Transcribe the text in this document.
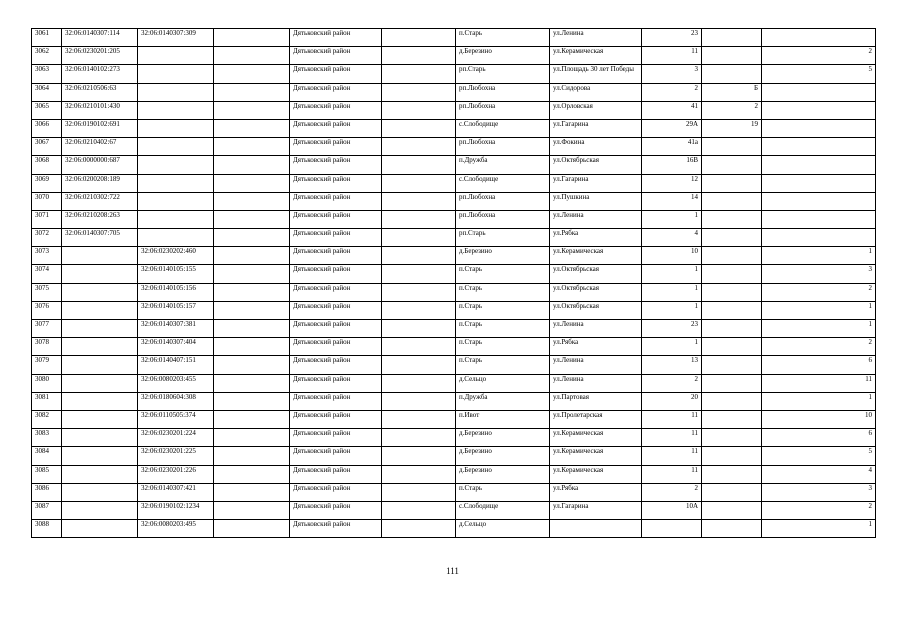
3061	32:06:0140307:114	32:06:0140307:309		Дятьковский район		п.Старь	ул.Ленина	23		
3062	32:06:0230201:205			Дятьковский район		д.Березино	ул.Керамическая	11		2
3063	32:06:0140102:273			Дятьковский район		рп.Старь	ул.Площадь 30 лет Победы	3		5
3064	32:06:0210506:63			Дятьковский район		рп.Любохна	ул.Сидорова	2	Б	
3065	32:06:0210101:430			Дятьковский район		рп.Любохна	ул.Орловская	41	2	
3066	32:06:0190102:691			Дятьковский район		с.Слободище	ул.Гагарина	29А	19	
3067	32:06:0210402:67			Дятьковский район		рп.Любохна	ул.Фокина	41а		
3068	32:06:0000000:687			Дятьковский район		п.Дружба	ул.Октябрьская	16В		
3069	32:06:0200208:189			Дятьковский район		с.Слободище	ул.Гагарина	12		
3070	32:06:0210302:722			Дятьковский район		рп.Любохна	ул.Пушкина	14		
3071	32:06:0210208:263			Дятьковский район		рп.Любохна	ул.Ленина	1		
3072	32:06:0140307:705			Дятьковский район		рп.Старь	ул.Рябка	4		
3073		32:06:0230202:460		Дятьковский район		д.Березино	ул.Керамическая	10		1
3074		32:06:0140105:155		Дятьковский район		п.Старь	ул.Октябрьская	1		3
3075		32:06:0140105:156		Дятьковский район		п.Старь	ул.Октябрьская	1		2
3076		32:06:0140105:157		Дятьковский район		п.Старь	ул.Октябрьская	1		1
3077		32:06:0140307:381		Дятьковский район		п.Старь	ул.Ленина	23		1
3078		32:06:0140307:404		Дятьковский район		п.Старь	ул.Рябка	1		2
3079		32:06:0140407:151		Дятьковский район		п.Старь	ул.Ленина	13		6
3080		32:06:0080203:455		Дятьковский район		д.Сельцо	ул.Ленина	2		11
3081		32:06:0180604:308		Дятьковский район		п.Дружба	ул.Партовая	20		1
3082		32:06:0110505:374		Дятьковский район		п.Ивот	ул.Пролетарская	11		10
3083		32:06:0230201:224		Дятьковский район		д.Березино	ул.Керамическая	11		6
3084		32:06:0230201:225		Дятьковский район		д.Березино	ул.Керамическая	11		5
3085		32:06:0230201:226		Дятьковский район		д.Березино	ул.Керамическая	11		4
3086		32:06:0140307:421		Дятьковский район		п.Старь	ул.Рябка	2		3
3087		32:06:0190102:1234		Дятьковский район		с.Слободище	ул.Гагарина	10А		2
3088		32:06:0080203:495		Дятьковский район		д.Сельцо				1
111
